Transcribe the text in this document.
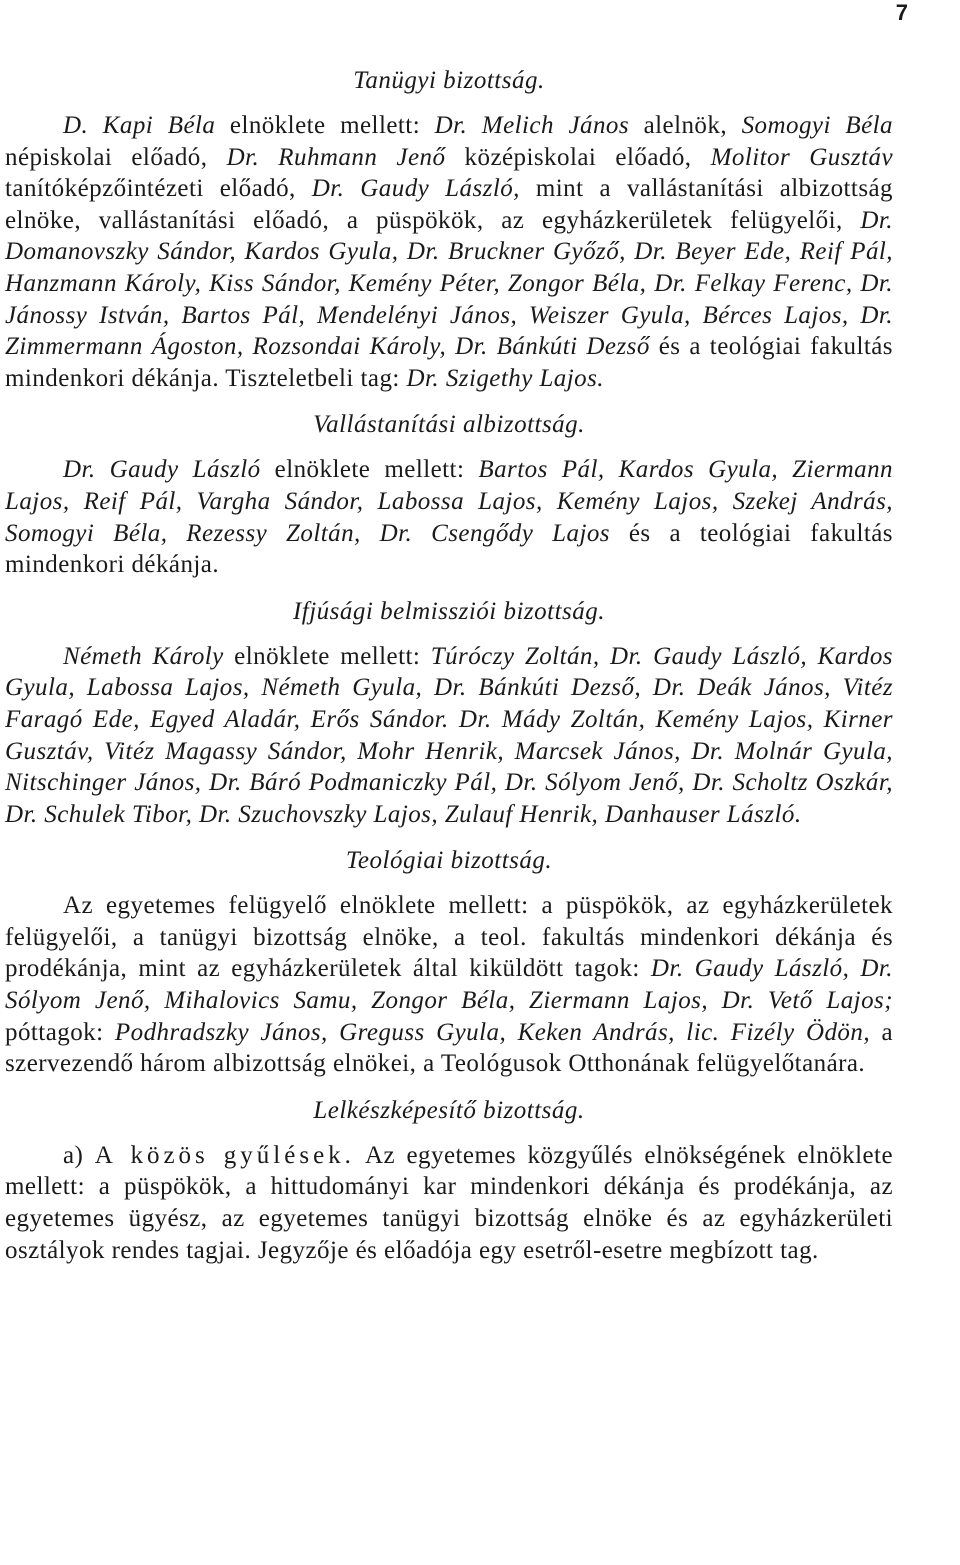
7
Tanügyi bizottság.

D. Kapi Béla elnöklete mellett: Dr. Melich János alelnök, Somogyi Béla népiskolai előadó, Dr. Ruhmann Jenő középiskolai előadó, Molitor Gusztáv tanítóképzőintézeti előadó, Dr. Gaudy László, mint a vallástanítási albizottság elnöke, vallástanítási előadó, a püspökök, az egyházkerületek felügyelői, Dr. Domanovszky Sándor, Kardos Gyula, Dr. Bruckner Győző, Dr. Beyer Ede, Reif Pál, Hanzmann Károly, Kiss Sándor, Kemény Péter, Zongor Béla, Dr. Felkay Ferenc, Dr. Jánossy István, Bartos Pál, Mendelényi János, Weiszer Gyula, Bérces Lajos, Dr. Zimmermann Ágoston, Rozsondai Károly, Dr. Bánkúti Dezső és a teológiai fakultás mindenkori dékánja. Tiszteletbeli tag: Dr. Szigethy Lajos.

Vallástanítási albizottság.

Dr. Gaudy László elnöklete mellett: Bartos Pál, Kardos Gyula, Ziermann Lajos, Reif Pál, Vargha Sándor, Labossa Lajos, Kemény Lajos, Szekej András, Somogyi Béla, Rezessy Zoltán, Dr. Csengődy Lajos és a teológiai fakultás mindenkori dékánja.

Ifjúsági belmissziói bizottság.

Németh Károly elnöklete mellett: Túróczy Zoltán, Dr. Gaudy László, Kardos Gyula, Labossa Lajos, Németh Gyula, Dr. Bánkúti Dezső, Dr. Deák János, Vitéz Faragó Ede, Egyed Aladár, Erős Sándor. Dr. Mády Zoltán, Kemény Lajos, Kirner Gusztáv, Vitéz Magassy Sándor, Mohr Henrik, Marcsek János, Dr. Molnár Gyula, Nitschinger János, Dr. Báró Podmaniczky Pál, Dr. Sólyom Jenő, Dr. Scholtz Oszkár, Dr. Schulek Tibor, Dr. Szuchovszky Lajos, Zulauf Henrik, Danhauser László.

Teológiai bizottság.

Az egyetemes felügyelő elnöklete mellett: a püspökök, az egyházkerületek felügyelői, a tanügyi bizottság elnöke, a teol. fakultás mindenkori dékánja és prodékánja, mint az egyházkerületek által kiküldött tagok: Dr. Gaudy László, Dr. Sólyom Jenő, Mihalovics Samu, Zongor Béla, Ziermann Lajos, Dr. Vető Lajos; póttagok: Podhradszky János, Greguss Gyula, Keken András, lic. Fizély Ödön, a szervezendő három albizottság elnökei, a Teológusok Otthonának felügyelőtanára.

Lelkészképesítő bizottság.

a) A közös gyűlések. Az egyetemes közgyűlés elnökségének elnöklete mellett: a püspökök, a hittudományi kar mindenkori dékánja és prodékánja, az egyetemes ügyész, az egyetemes tanügyi bizottság elnöke és az egyházkerületi osztályok rendes tagjai. Jegyzője és előadója egy esetről-esetre megbízott tag.
